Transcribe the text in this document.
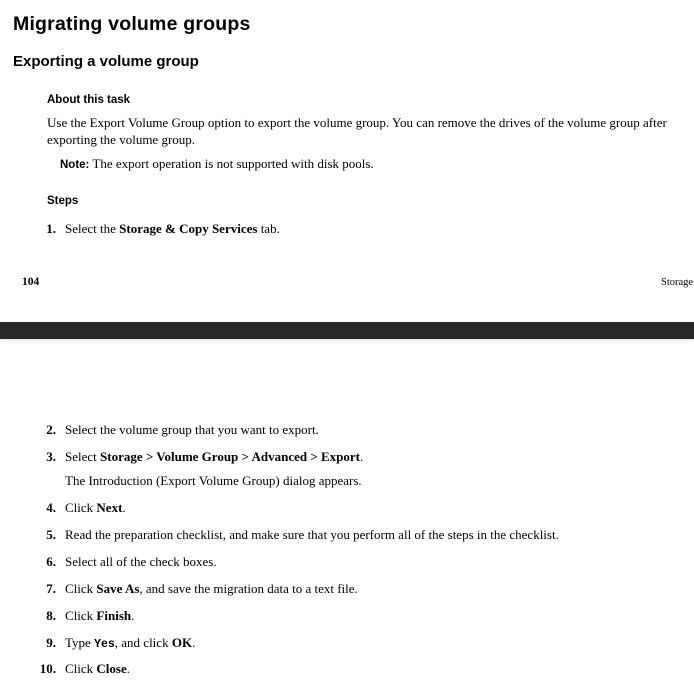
Migrating volume groups
Exporting a volume group
About this task

Use the Export Volume Group option to export the volume group. You can remove the drives of the volume group after exporting the volume group.

Note: The export operation is not supported with disk pools.

Steps
1. Select the Storage & Copy Services tab.
104	Storage
2. Select the volume group that you want to export.
3. Select Storage > Volume Group > Advanced > Export.
The Introduction (Export Volume Group) dialog appears.
4. Click Next.
5. Read the preparation checklist, and make sure that you perform all of the steps in the checklist.
6. Select all of the check boxes.
7. Click Save As, and save the migration data to a text file.
8. Click Finish.
9. Type Yes, and click OK.
10. Click Close.
